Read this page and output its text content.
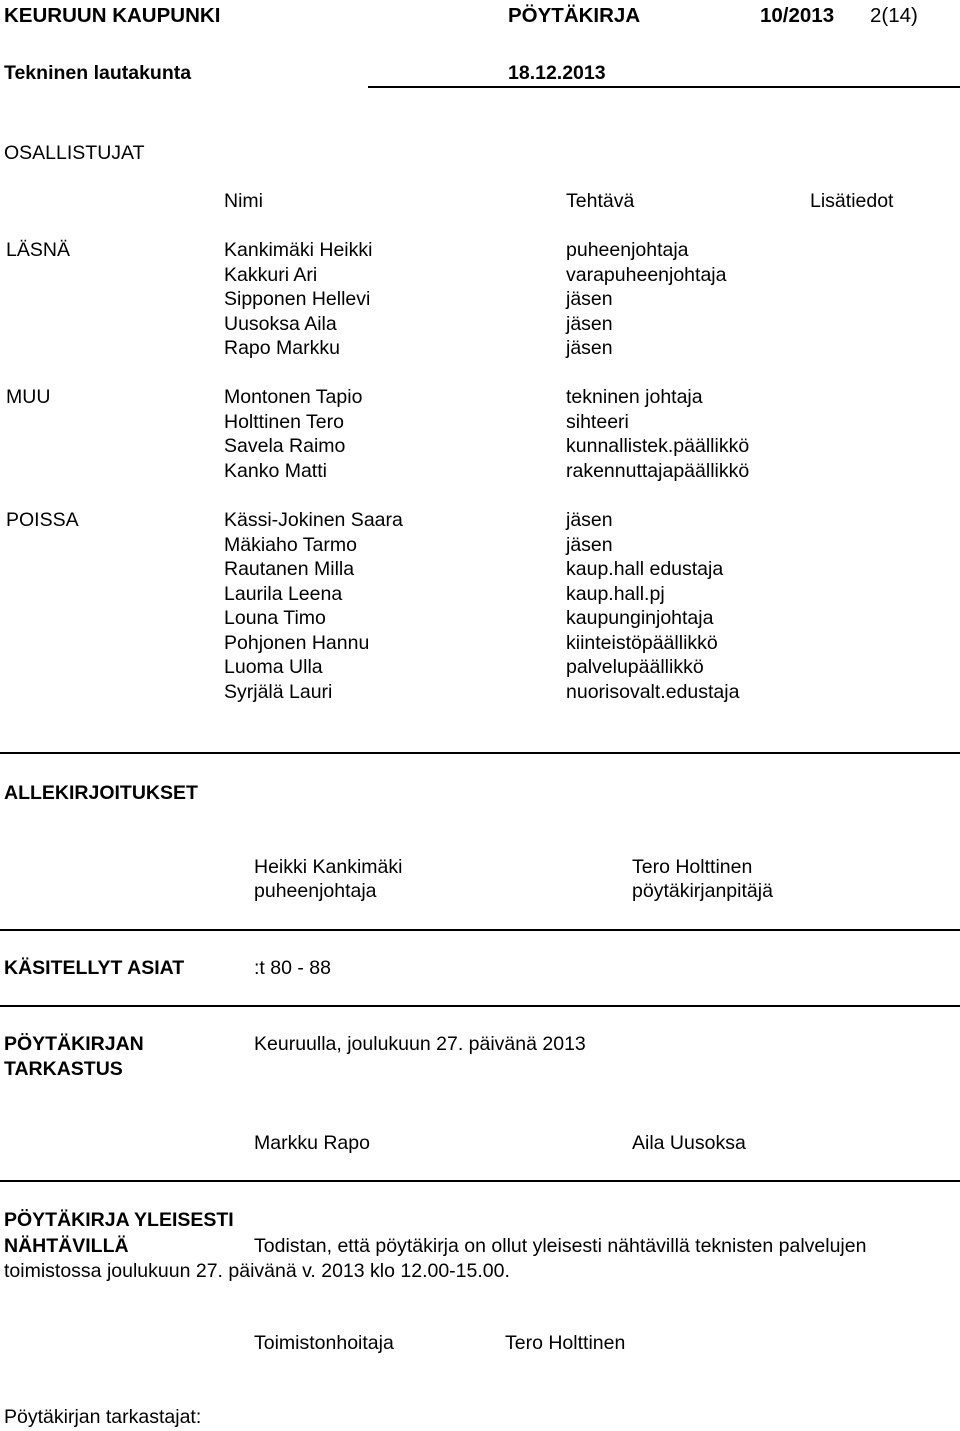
KEURUUN KAUPUNKI	PÖYTÄKIRJA	10/2013 2(14)
Tekninen lautakunta	18.12.2013
OSALLISTUJAT
Nimi	Tehtävä	Lisätiedot
LÄSNÄ	Kankimäki Heikki	puheenjohtaja
Kakkuri Ari	varapuheenjohtaja
Sipponen Hellevi	jäsen
Uusoksa Aila	jäsen
Rapo Markku	jäsen
MUU	Montonen Tapio	tekninen johtaja
Holttinen Tero	sihteeri
Savela Raimo	kunnallistek.päällikkö
Kanko Matti	rakennuttajapäällikkö
POISSA	Kässi-Jokinen Saara	jäsen
Mäkiaho Tarmo	jäsen
Rautanen Milla	kaup.hall edustaja
Laurila Leena	kaup.hall.pj
Louna Timo	kaupunginjohtaja
Pohjonen Hannu	kiinteistöpäällikkö
Luoma Ulla	palvelupäällikkö
Syrjälä Lauri	nuorisovalt.edustaja
ALLEKIRJOITUKSET
Heikki Kankimäki
puheenjohtaja
Tero Holttinen
pöytäkirjanpitäjä
KÄSITELLYT ASIAT	:t 80 - 88
PÖYTÄKIRJAN
TARKASTUS
Keuruulla, joulukuun 27. päivänä 2013
Markku Rapo	Aila Uusoksa
PÖYTÄKIRJA YLEISESTI
NÄHTÄVILLÄ	Todistan, että pöytäkirja on ollut yleisesti nähtävillä teknisten palvelujen
toimistossa joulukuun 27. päivänä v. 2013 klo 12.00-15.00.
Toimistonhoitaja	Tero Holttinen
Pöytäkirjan tarkastajat:
